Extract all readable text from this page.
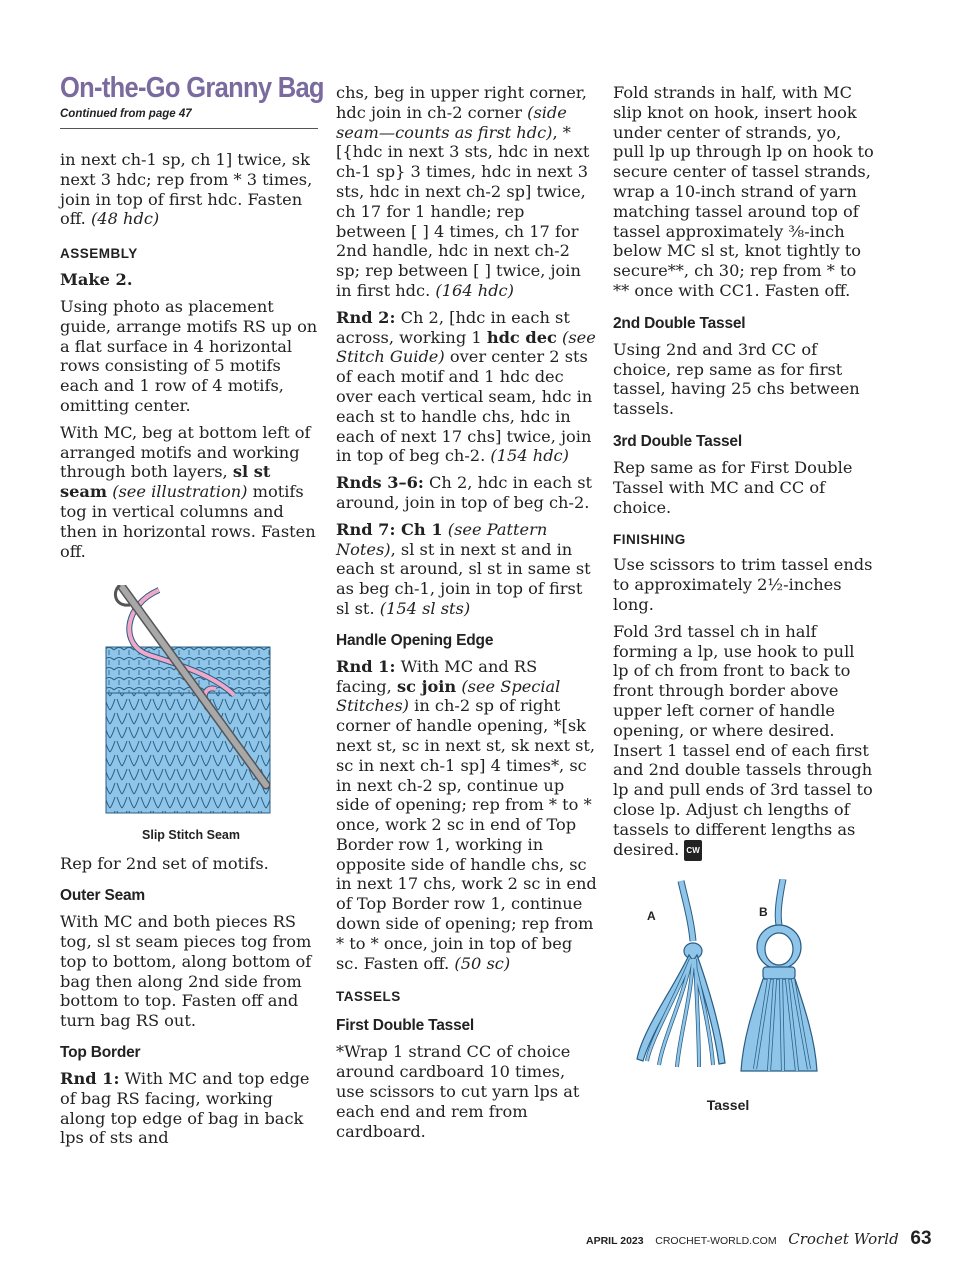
On-the-Go Granny Bag
Continued from page 47

in next ch-1 sp, ch 1] twice, sk next 3 hdc; rep from * 3 times, join in top of first hdc. Fasten off. (48 hdc)

ASSEMBLY

Make 2.

Using photo as placement guide, arrange motifs RS up on a flat surface in 4 horizontal rows consisting of 5 motifs each and 1 row of 4 motifs, omitting center.

With MC, beg at bottom left of arranged motifs and working through both layers, sl st seam (see illustration) motifs tog in vertical columns and then in horizontal rows. Fasten off.

Slip Stitch Seam

Rep for 2nd set of motifs.

Outer Seam

With MC and both pieces RS tog, sl st seam pieces tog from top to bottom, along bottom of bag then along 2nd side from bottom to top. Fasten off and turn bag RS out.

Top Border

Rnd 1: With MC and top edge of bag RS facing, working along top edge of bag in back lps of sts and

chs, beg in upper right corner, hdc join in ch-2 corner (side seam—counts as first hdc), *[{hdc in next 3 sts, hdc in next ch-1 sp} 3 times, hdc in next 3 sts, hdc in next ch-2 sp] twice, ch 17 for 1 handle; rep between [ ] 4 times, ch 17 for 2nd handle, hdc in next ch-2 sp; rep between [ ] twice, join in first hdc. (164 hdc)

Rnd 2: Ch 2, [hdc in each st across, working 1 hdc dec (see Stitch Guide) over center 2 sts of each motif and 1 hdc dec over each vertical seam, hdc in each st to handle chs, hdc in each of next 17 chs] twice, join in top of beg ch-2. (154 hdc)

Rnds 3–6: Ch 2, hdc in each st around, join in top of beg ch-2.

Rnd 7: Ch 1 (see Pattern Notes), sl st in next st and in each st around, sl st in same st as beg ch-1, join in top of first sl st. (154 sl sts)

Handle Opening Edge

Rnd 1: With MC and RS facing, sc join (see Special Stitches) in ch-2 sp of right corner of handle opening, *[sk next st, sc in next st, sk next st, sc in next ch-1 sp] 4 times*, sc in next ch-2 sp, continue up side of opening; rep from * to * once, work 2 sc in end of Top Border row 1, working in opposite side of handle chs, sc in next 17 chs, work 2 sc in end of Top Border row 1, continue down side of opening; rep from * to * once, join in top of beg sc. Fasten off. (50 sc)

TASSELS
First Double Tassel

*Wrap 1 strand CC of choice around cardboard 10 times, use scissors to cut yarn lps at each end and rem from cardboard.

Fold strands in half, with MC slip knot on hook, insert hook under center of strands, yo, pull lp up through lp on hook to secure center of tassel strands, wrap a 10-inch strand of yarn matching tassel around top of tassel approximately ⅜-inch below MC sl st, knot tightly to secure**, ch 30; rep from * to ** once with CC1. Fasten off.

2nd Double Tassel

Using 2nd and 3rd CC of choice, rep same as for first tassel, having 25 chs between tassels.

3rd Double Tassel

Rep same as for First Double Tassel with MC and CC of choice.

FINISHING

Use scissors to trim tassel ends to approximately 2½-inches long.

Fold 3rd tassel ch in half forming a lp, use hook to pull lp of ch from front to back to front through border above upper left corner of handle opening, or where desired. Insert 1 tassel end of each first and 2nd double tassels through lp and pull ends of 3rd tassel to close lp. Adjust ch lengths of tassels to different lengths as desired. CW

A	B
Tassel
APRIL 2023 CROCHET-WORLD.COM Crochet World 63
